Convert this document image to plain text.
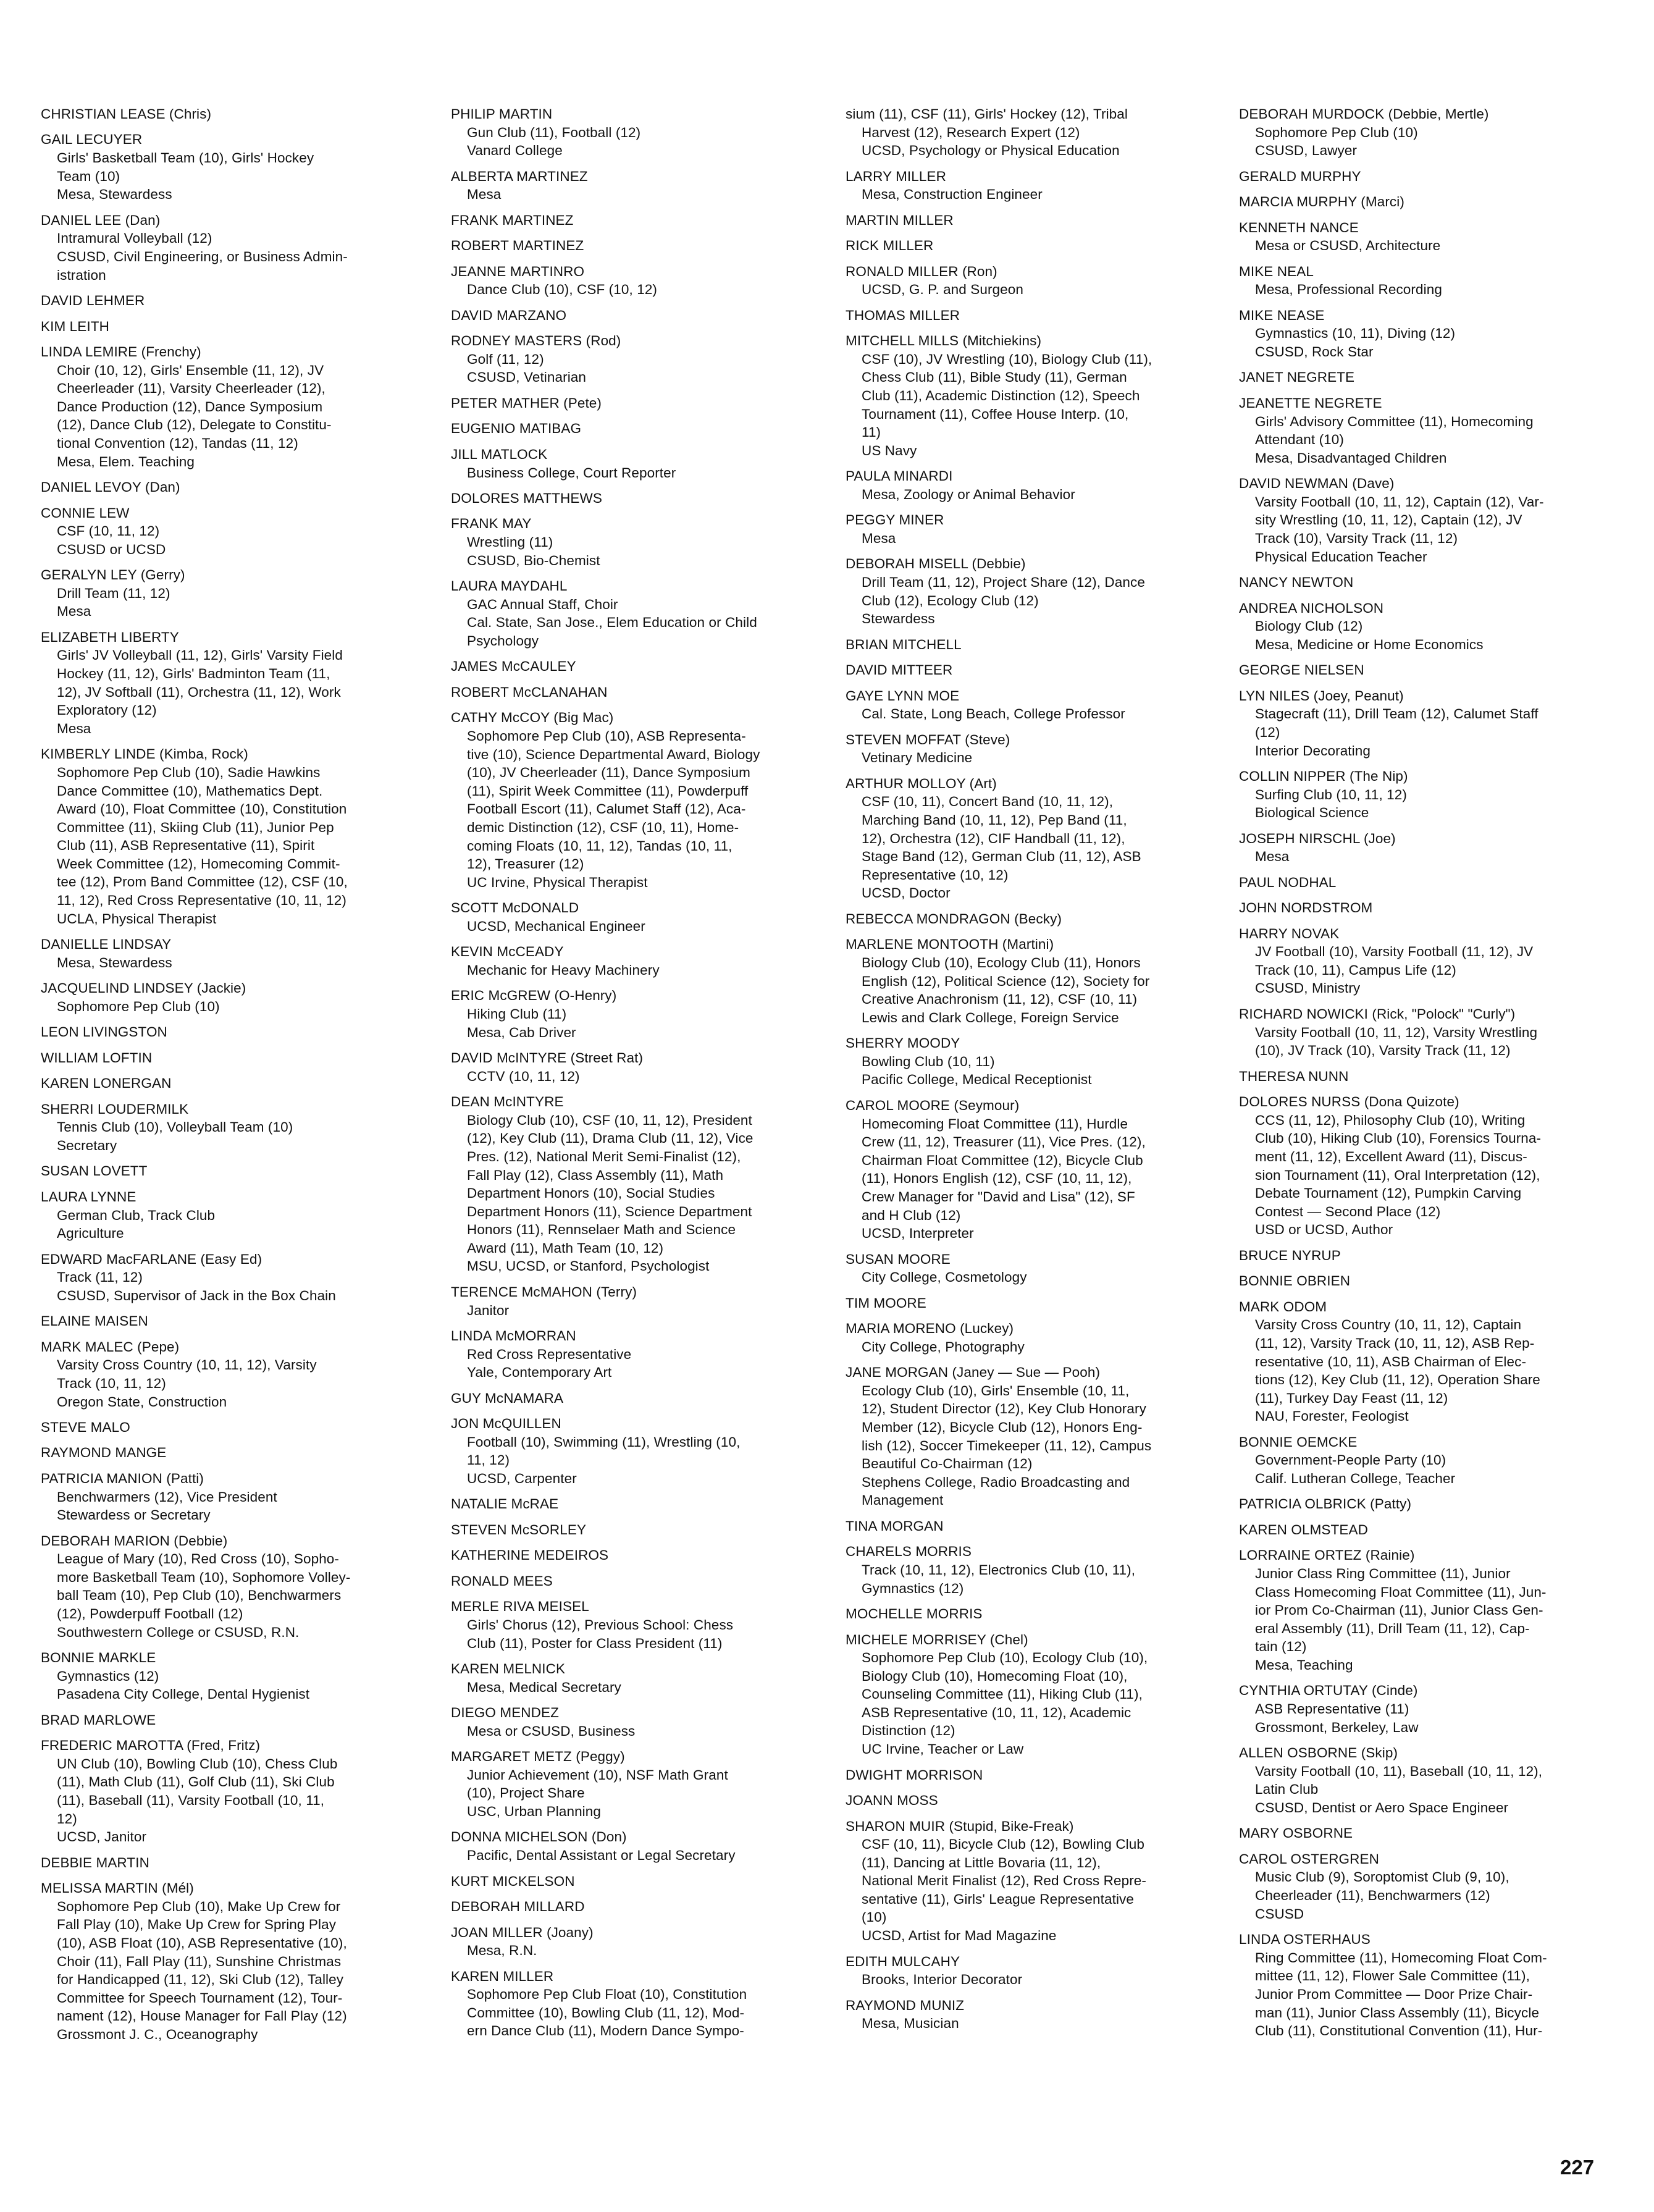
CHRISTIAN LEASE (Chris)
GAIL LECUYER
Girls' Basketball Team (10), Girls' Hockey
Team (10)
Mesa, Stewardess
DANIEL LEE (Dan)
Intramural Volleyball (12)
CSUSD, Civil Engineering, or Business Admin-
istration
DAVID LEHMER
KIM LEITH
LINDA LEMIRE (Frenchy)
Choir (10, 12), Girls' Ensemble (11, 12), JV
Cheerleader (11), Varsity Cheerleader (12),
Dance Production (12), Dance Symposium
(12), Dance Club (12), Delegate to Constitu-
tional Convention (12), Tandas (11, 12)
Mesa, Elem. Teaching
DANIEL LEVOY (Dan)
CONNIE LEW
CSF (10, 11, 12)
CSUSD or UCSD
GERALYN LEY (Gerry)
Drill Team (11, 12)
Mesa
ELIZABETH LIBERTY
Girls' JV Volleyball (11, 12), Girls' Varsity Field
Hockey (11, 12), Girls' Badminton Team (11,
12), JV Softball (11), Orchestra (11, 12), Work
Exploratory (12)
Mesa
KIMBERLY LINDE (Kimba, Rock)
Sophomore Pep Club (10), Sadie Hawkins
Dance Committee (10), Mathematics Dept.
Award (10), Float Committee (10), Constitution
Committee (11), Skiing Club (11), Junior Pep
Club (11), ASB Representative (11), Spirit
Week Committee (12), Homecoming Commit-
tee (12), Prom Band Committee (12), CSF (10,
11, 12), Red Cross Representative (10, 11, 12)
UCLA, Physical Therapist
DANIELLE LINDSAY
Mesa, Stewardess
JACQUELIND LINDSEY (Jackie)
Sophomore Pep Club (10)
LEON LIVINGSTON
WILLIAM LOFTIN
KAREN LONERGAN
SHERRI LOUDERMILK
Tennis Club (10), Volleyball Team (10)
Secretary
SUSAN LOVETT
LAURA LYNNE
German Club, Track Club
Agriculture
EDWARD MacFARLANE (Easy Ed)
Track (11, 12)
CSUSD, Supervisor of Jack in the Box Chain
ELAINE MAISEN
MARK MALEC (Pepe)
Varsity Cross Country (10, 11, 12), Varsity
Track (10, 11, 12)
Oregon State, Construction
STEVE MALO
RAYMOND MANGE
PATRICIA MANION (Patti)
Benchwarmers (12), Vice President
Stewardess or Secretary
DEBORAH MARION (Debbie)
League of Mary (10), Red Cross (10), Sopho-
more Basketball Team (10), Sophomore Volley-
ball Team (10), Pep Club (10), Benchwarmers
(12), Powderpuff Football (12)
Southwestern College or CSUSD, R.N.
BONNIE MARKLE
Gymnastics (12)
Pasadena City College, Dental Hygienist
BRAD MARLOWE
FREDERIC MAROTTA (Fred, Fritz)
UN Club (10), Bowling Club (10), Chess Club
(11), Math Club (11), Golf Club (11), Ski Club
(11), Baseball (11), Varsity Football (10, 11,
12)
UCSD, Janitor
DEBBIE MARTIN
MELISSA MARTIN (Mél)
Sophomore Pep Club (10), Make Up Crew for
Fall Play (10), Make Up Crew for Spring Play
(10), ASB Float (10), ASB Representative (10),
Choir (11), Fall Play (11), Sunshine Christmas
for Handicapped (11, 12), Ski Club (12), Talley
Committee for Speech Tournament (12), Tour-
nament (12), House Manager for Fall Play (12)
Grossmont J. C., Oceanography
PHILIP MARTIN
Gun Club (11), Football (12)
Vanard College
ALBERTA MARTINEZ
Mesa
FRANK MARTINEZ
ROBERT MARTINEZ
JEANNE MARTINRO
Dance Club (10), CSF (10, 12)
DAVID MARZANO
RODNEY MASTERS (Rod)
Golf (11, 12)
CSUSD, Vetinarian
PETER MATHER (Pete)
EUGENIO MATIBAG
JILL MATLOCK
Business College, Court Reporter
DOLORES MATTHEWS
FRANK MAY
Wrestling (11)
CSUSD, Bio-Chemist
LAURA MAYDAHL
GAC Annual Staff, Choir
Cal. State, San Jose., Elem Education or Child
Psychology
JAMES McCAULEY
ROBERT McCLANAHAN
CATHY McCOY (Big Mac)
Sophomore Pep Club (10), ASB Representa-
tive (10), Science Departmental Award, Biology
(10), JV Cheerleader (11), Dance Symposium
(11), Spirit Week Committee (11), Powderpuff
Football Escort (11), Calumet Staff (12), Aca-
demic Distinction (12), CSF (10, 11), Home-
coming Floats (10, 11, 12), Tandas (10, 11,
12), Treasurer (12)
UC Irvine, Physical Therapist
SCOTT McDONALD
UCSD, Mechanical Engineer
KEVIN McCEADY
Mechanic for Heavy Machinery
ERIC McGREW (O-Henry)
Hiking Club (11)
Mesa, Cab Driver
DAVID McINTYRE (Street Rat)
CCTV (10, 11, 12)
DEAN McINTYRE
Biology Club (10), CSF (10, 11, 12), President
(12), Key Club (11), Drama Club (11, 12), Vice
Pres. (12), National Merit Semi-Finalist (12),
Fall Play (12), Class Assembly (11), Math
Department Honors (10), Social Studies
Department Honors (11), Science Department
Honors (11), Rennselaer Math and Science
Award (11), Math Team (10, 12)
MSU, UCSD, or Stanford, Psychologist
TERENCE McMAHON (Terry)
Janitor
LINDA McMORRAN
Red Cross Representative
Yale, Contemporary Art
GUY McNAMARA
JON McQUILLEN
Football (10), Swimming (11), Wrestling (10,
11, 12)
UCSD, Carpenter
NATALIE McRAE
STEVEN McSORLEY
KATHERINE MEDEIROS
RONALD MEES
MERLE RIVA MEISEL
Girls' Chorus (12), Previous School: Chess
Club (11), Poster for Class President (11)
KAREN MELNICK
Mesa, Medical Secretary
DIEGO MENDEZ
Mesa or CSUSD, Business
MARGARET METZ (Peggy)
Junior Achievement (10), NSF Math Grant
(10), Project Share
USC, Urban Planning
DONNA MICHELSON (Don)
Pacific, Dental Assistant or Legal Secretary
KURT MICKELSON
DEBORAH MILLARD
JOAN MILLER (Joany)
Mesa, R.N.
KAREN MILLER
Sophomore Pep Club Float (10), Constitution
Committee (10), Bowling Club (11, 12), Mod-
ern Dance Club (11), Modern Dance Sympo-
sium (11), CSF (11), Girls' Hockey (12), Tribal
Harvest (12), Research Expert (12)
UCSD, Psychology or Physical Education
LARRY MILLER
Mesa, Construction Engineer
MARTIN MILLER
RICK MILLER
RONALD MILLER (Ron)
UCSD, G. P. and Surgeon
THOMAS MILLER
MITCHELL MILLS (Mitchiekins)
CSF (10), JV Wrestling (10), Biology Club (11),
Chess Club (11), Bible Study (11), German
Club (11), Academic Distinction (12), Speech
Tournament (11), Coffee House Interp. (10,
11)
US Navy
PAULA MINARDI
Mesa, Zoology or Animal Behavior
PEGGY MINER
Mesa
DEBORAH MISELL (Debbie)
Drill Team (11, 12), Project Share (12), Dance
Club (12), Ecology Club (12)
Stewardess
BRIAN MITCHELL
DAVID MITTEER
GAYE LYNN MOE
Cal. State, Long Beach, College Professor
STEVEN MOFFAT (Steve)
Vetinary Medicine
ARTHUR MOLLOY (Art)
CSF (10, 11), Concert Band (10, 11, 12),
Marching Band (10, 11, 12), Pep Band (11,
12), Orchestra (12), CIF Handball (11, 12),
Stage Band (12), German Club (11, 12), ASB
Representative (10, 12)
UCSD, Doctor
REBECCA MONDRAGON (Becky)
MARLENE MONTOOTH (Martini)
Biology Club (10), Ecology Club (11), Honors
English (12), Political Science (12), Society for
Creative Anachronism (11, 12), CSF (10, 11)
Lewis and Clark College, Foreign Service
SHERRY MOODY
Bowling Club (10, 11)
Pacific College, Medical Receptionist
CAROL MOORE (Seymour)
Homecoming Float Committee (11), Hurdle
Crew (11, 12), Treasurer (11), Vice Pres. (12),
Chairman Float Committee (12), Bicycle Club
(11), Honors English (12), CSF (10, 11, 12),
Crew Manager for "David and Lisa" (12), SF
and H Club (12)
UCSD, Interpreter
SUSAN MOORE
City College, Cosmetology
TIM MOORE
MARIA MORENO (Luckey)
City College, Photography
JANE MORGAN (Janey — Sue — Pooh)
Ecology Club (10), Girls' Ensemble (10, 11,
12), Student Director (12), Key Club Honorary
Member (12), Bicycle Club (12), Honors Eng-
lish (12), Soccer Timekeeper (11, 12), Campus
Beautiful Co-Chairman (12)
Stephens College, Radio Broadcasting and
Management
TINA MORGAN
CHARELS MORRIS
Track (10, 11, 12), Electronics Club (10, 11),
Gymnastics (12)
MOCHELLE MORRIS
MICHELE MORRISEY (Chel)
Sophomore Pep Club (10), Ecology Club (10),
Biology Club (10), Homecoming Float (10),
Counseling Committee (11), Hiking Club (11),
ASB Representative (10, 11, 12), Academic
Distinction (12)
UC Irvine, Teacher or Law
DWIGHT MORRISON
JOANN MOSS
SHARON MUIR (Stupid, Bike-Freak)
CSF (10, 11), Bicycle Club (12), Bowling Club
(11), Dancing at Little Bovaria (11, 12),
National Merit Finalist (12), Red Cross Repre-
sentative (11), Girls' League Representative
(10)
UCSD, Artist for Mad Magazine
EDITH MULCAHY
Brooks, Interior Decorator
RAYMOND MUNIZ
Mesa, Musician
DEBORAH MURDOCK (Debbie, Mertle)
Sophomore Pep Club (10)
CSUSD, Lawyer
GERALD MURPHY
MARCIA MURPHY (Marci)
KENNETH NANCE
Mesa or CSUSD, Architecture
MIKE NEAL
Mesa, Professional Recording
MIKE NEASE
Gymnastics (10, 11), Diving (12)
CSUSD, Rock Star
JANET NEGRETE
JEANETTE NEGRETE
Girls' Advisory Committee (11), Homecoming
Attendant (10)
Mesa, Disadvantaged Children
DAVID NEWMAN (Dave)
Varsity Football (10, 11, 12), Captain (12), Var-
sity Wrestling (10, 11, 12), Captain (12), JV
Track (10), Varsity Track (11, 12)
Physical Education Teacher
NANCY NEWTON
ANDREA NICHOLSON
Biology Club (12)
Mesa, Medicine or Home Economics
GEORGE NIELSEN
LYN NILES (Joey, Peanut)
Stagecraft (11), Drill Team (12), Calumet Staff
(12)
Interior Decorating
COLLIN NIPPER (The Nip)
Surfing Club (10, 11, 12)
Biological Science
JOSEPH NIRSCHL (Joe)
Mesa
PAUL NODHAL
JOHN NORDSTROM
HARRY NOVAK
JV Football (10), Varsity Football (11, 12), JV
Track (10, 11), Campus Life (12)
CSUSD, Ministry
RICHARD NOWICKI (Rick, "Polock" "Curly")
Varsity Football (10, 11, 12), Varsity Wrestling
(10), JV Track (10), Varsity Track (11, 12)
THERESA NUNN
DOLORES NURSS (Dona Quizote)
CCS (11, 12), Philosophy Club (10), Writing
Club (10), Hiking Club (10), Forensics Tourna-
ment (11, 12), Excellent Award (11), Discus-
sion Tournament (11), Oral Interpretation (12),
Debate Tournament (12), Pumpkin Carving
Contest — Second Place (12)
USD or UCSD, Author
BRUCE NYRUP
BONNIE OBRIEN
MARK ODOM
Varsity Cross Country (10, 11, 12), Captain
(11, 12), Varsity Track (10, 11, 12), ASB Rep-
resentative (10, 11), ASB Chairman of Elec-
tions (12), Key Club (11, 12), Operation Share
(11), Turkey Day Feast (11, 12)
NAU, Forester, Feologist
BONNIE OEMCKE
Government-People Party (10)
Calif. Lutheran College, Teacher
PATRICIA OLBRICK (Patty)
KAREN OLMSTEAD
LORRAINE ORTEZ (Rainie)
Junior Class Ring Committee (11), Junior
Class Homecoming Float Committee (11), Jun-
ior Prom Co-Chairman (11), Junior Class Gen-
eral Assembly (11), Drill Team (11, 12), Cap-
tain (12)
Mesa, Teaching
CYNTHIA ORTUTAY (Cinde)
ASB Representative (11)
Grossmont, Berkeley, Law
ALLEN OSBORNE (Skip)
Varsity Football (10, 11), Baseball (10, 11, 12),
Latin Club
CSUSD, Dentist or Aero Space Engineer
MARY OSBORNE
CAROL OSTERGREN
Music Club (9), Soroptomist Club (9, 10),
Cheerleader (11), Benchwarmers (12)
CSUSD
LINDA OSTERHAUS
Ring Committee (11), Homecoming Float Com-
mittee (11, 12), Flower Sale Committee (11),
Junior Prom Committee — Door Prize Chair-
man (11), Junior Class Assembly (11), Bicycle
Club (11), Constitutional Convention (11), Hur-
227
